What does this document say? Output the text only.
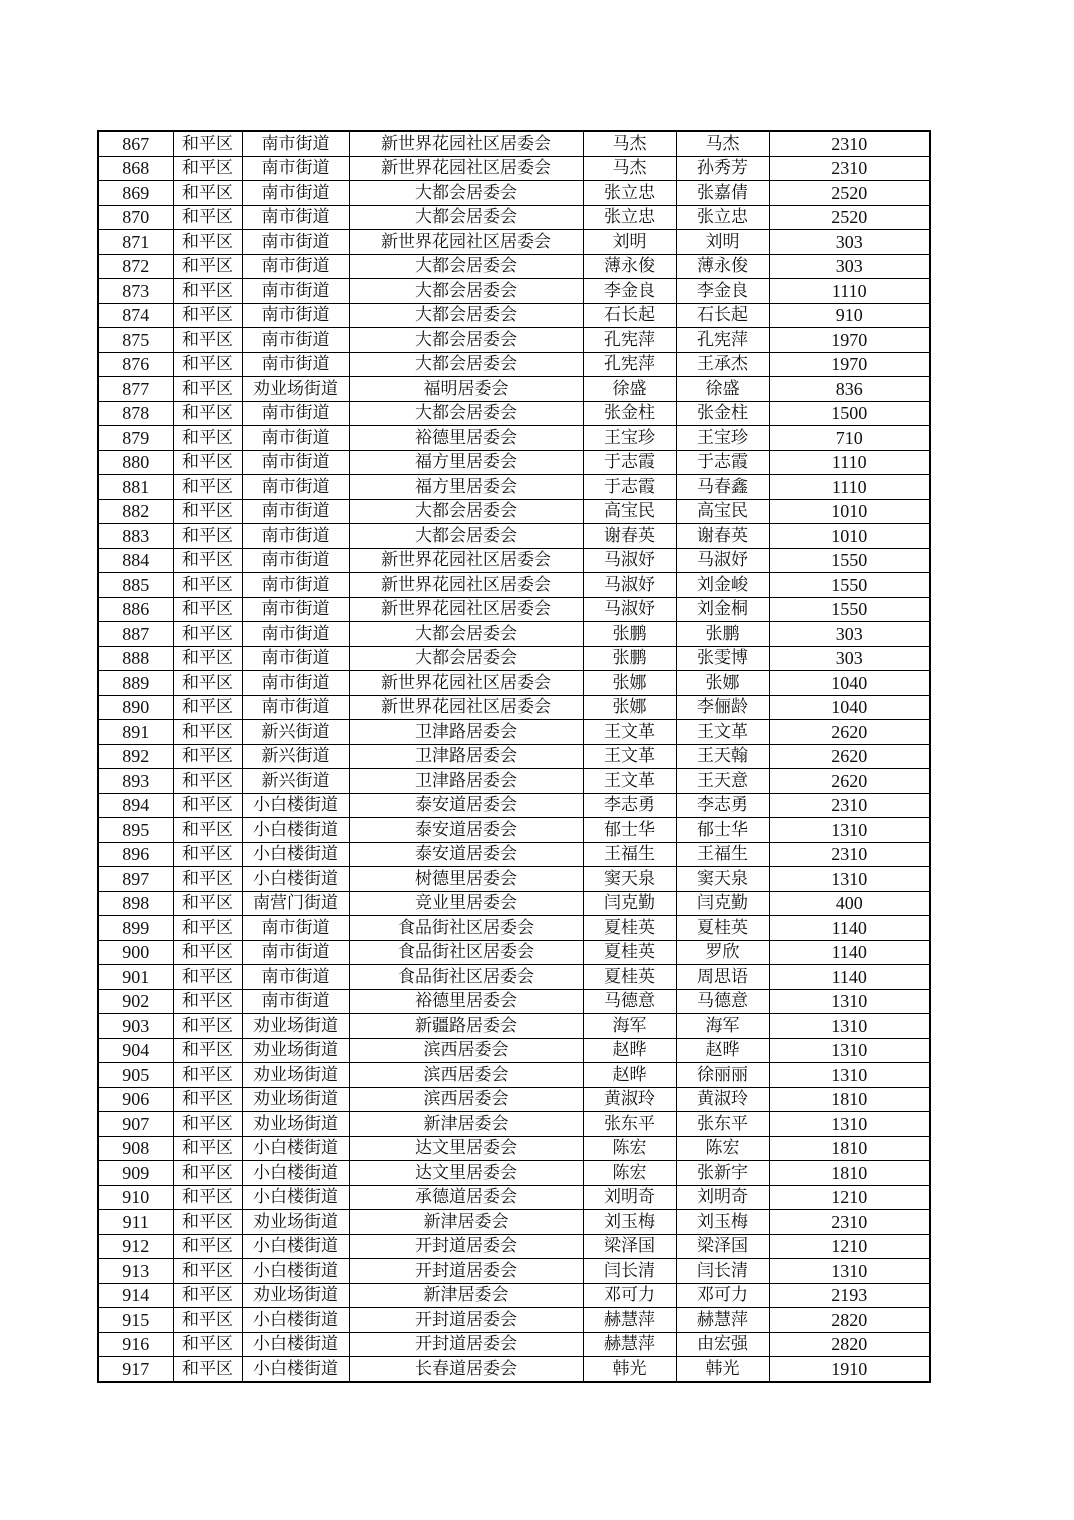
867	和平区	南市街道	新世界花园社区居委会	马杰	马杰	2310
868	和平区	南市街道	新世界花园社区居委会	马杰	孙秀芳	2310
869	和平区	南市街道	大都会居委会	张立忠	张嘉倩	2520
870	和平区	南市街道	大都会居委会	张立忠	张立忠	2520
871	和平区	南市街道	新世界花园社区居委会	刘明	刘明	303
872	和平区	南市街道	大都会居委会	薄永俊	薄永俊	303
873	和平区	南市街道	大都会居委会	李金良	李金良	1110
874	和平区	南市街道	大都会居委会	石长起	石长起	910
875	和平区	南市街道	大都会居委会	孔宪萍	孔宪萍	1970
876	和平区	南市街道	大都会居委会	孔宪萍	王承杰	1970
877	和平区	劝业场街道	福明居委会	徐盛	徐盛	836
878	和平区	南市街道	大都会居委会	张金柱	张金柱	1500
879	和平区	南市街道	裕德里居委会	王宝珍	王宝珍	710
880	和平区	南市街道	福方里居委会	于志霞	于志霞	1110
881	和平区	南市街道	福方里居委会	于志霞	马春鑫	1110
882	和平区	南市街道	大都会居委会	高宝民	高宝民	1010
883	和平区	南市街道	大都会居委会	谢春英	谢春英	1010
884	和平区	南市街道	新世界花园社区居委会	马淑妤	马淑妤	1550
885	和平区	南市街道	新世界花园社区居委会	马淑妤	刘金峻	1550
886	和平区	南市街道	新世界花园社区居委会	马淑妤	刘金桐	1550
887	和平区	南市街道	大都会居委会	张鹏	张鹏	303
888	和平区	南市街道	大都会居委会	张鹏	张雯博	303
889	和平区	南市街道	新世界花园社区居委会	张娜	张娜	1040
890	和平区	南市街道	新世界花园社区居委会	张娜	李俪龄	1040
891	和平区	新兴街道	卫津路居委会	王文革	王文革	2620
892	和平区	新兴街道	卫津路居委会	王文革	王天翰	2620
893	和平区	新兴街道	卫津路居委会	王文革	王天意	2620
894	和平区	小白楼街道	泰安道居委会	李志勇	李志勇	2310
895	和平区	小白楼街道	泰安道居委会	郁士华	郁士华	1310
896	和平区	小白楼街道	泰安道居委会	王福生	王福生	2310
897	和平区	小白楼街道	树德里居委会	窦天泉	窦天泉	1310
898	和平区	南营门街道	竞业里居委会	闫克勤	闫克勤	400
899	和平区	南市街道	食品街社区居委会	夏桂英	夏桂英	1140
900	和平区	南市街道	食品街社区居委会	夏桂英	罗欣	1140
901	和平区	南市街道	食品街社区居委会	夏桂英	周思语	1140
902	和平区	南市街道	裕德里居委会	马德意	马德意	1310
903	和平区	劝业场街道	新疆路居委会	海军	海军	1310
904	和平区	劝业场街道	滨西居委会	赵晔	赵晔	1310
905	和平区	劝业场街道	滨西居委会	赵晔	徐丽丽	1310
906	和平区	劝业场街道	滨西居委会	黄淑玲	黄淑玲	1810
907	和平区	劝业场街道	新津居委会	张东平	张东平	1310
908	和平区	小白楼街道	达文里居委会	陈宏	陈宏	1810
909	和平区	小白楼街道	达文里居委会	陈宏	张新宇	1810
910	和平区	小白楼街道	承德道居委会	刘明奇	刘明奇	1210
911	和平区	劝业场街道	新津居委会	刘玉梅	刘玉梅	2310
912	和平区	小白楼街道	开封道居委会	梁泽国	梁泽国	1210
913	和平区	小白楼街道	开封道居委会	闫长清	闫长清	1310
914	和平区	劝业场街道	新津居委会	邓可力	邓可力	2193
915	和平区	小白楼街道	开封道居委会	赫慧萍	赫慧萍	2820
916	和平区	小白楼街道	开封道居委会	赫慧萍	由宏强	2820
917	和平区	小白楼街道	长春道居委会	韩光	韩光	1910
